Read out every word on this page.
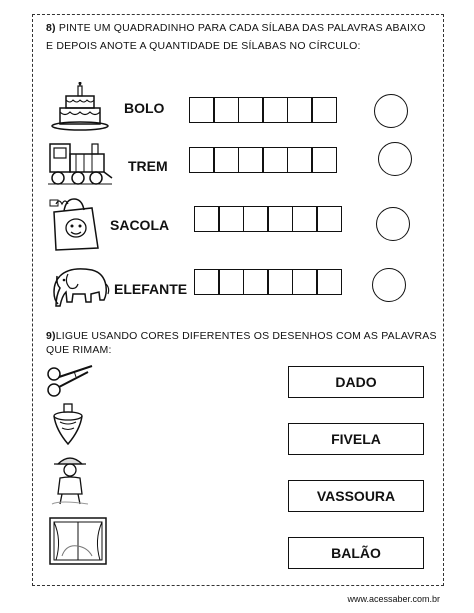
8) PINTE UM QUADRADINHO PARA CADA SÍLABA DAS PALAVRAS ABAIXO
E DEPOIS ANOTE A QUANTIDADE DE SÍLABAS NO CÍRCULO:
BOLO
TREM
SACOLA
ELEFANTE
9)LIGUE USANDO CORES DIFERENTES OS DESENHOS COM AS PALAVRAS
QUE RIMAM:
DADO
FIVELA
VASSOURA
BALÃO
www.acessaber.com.br
